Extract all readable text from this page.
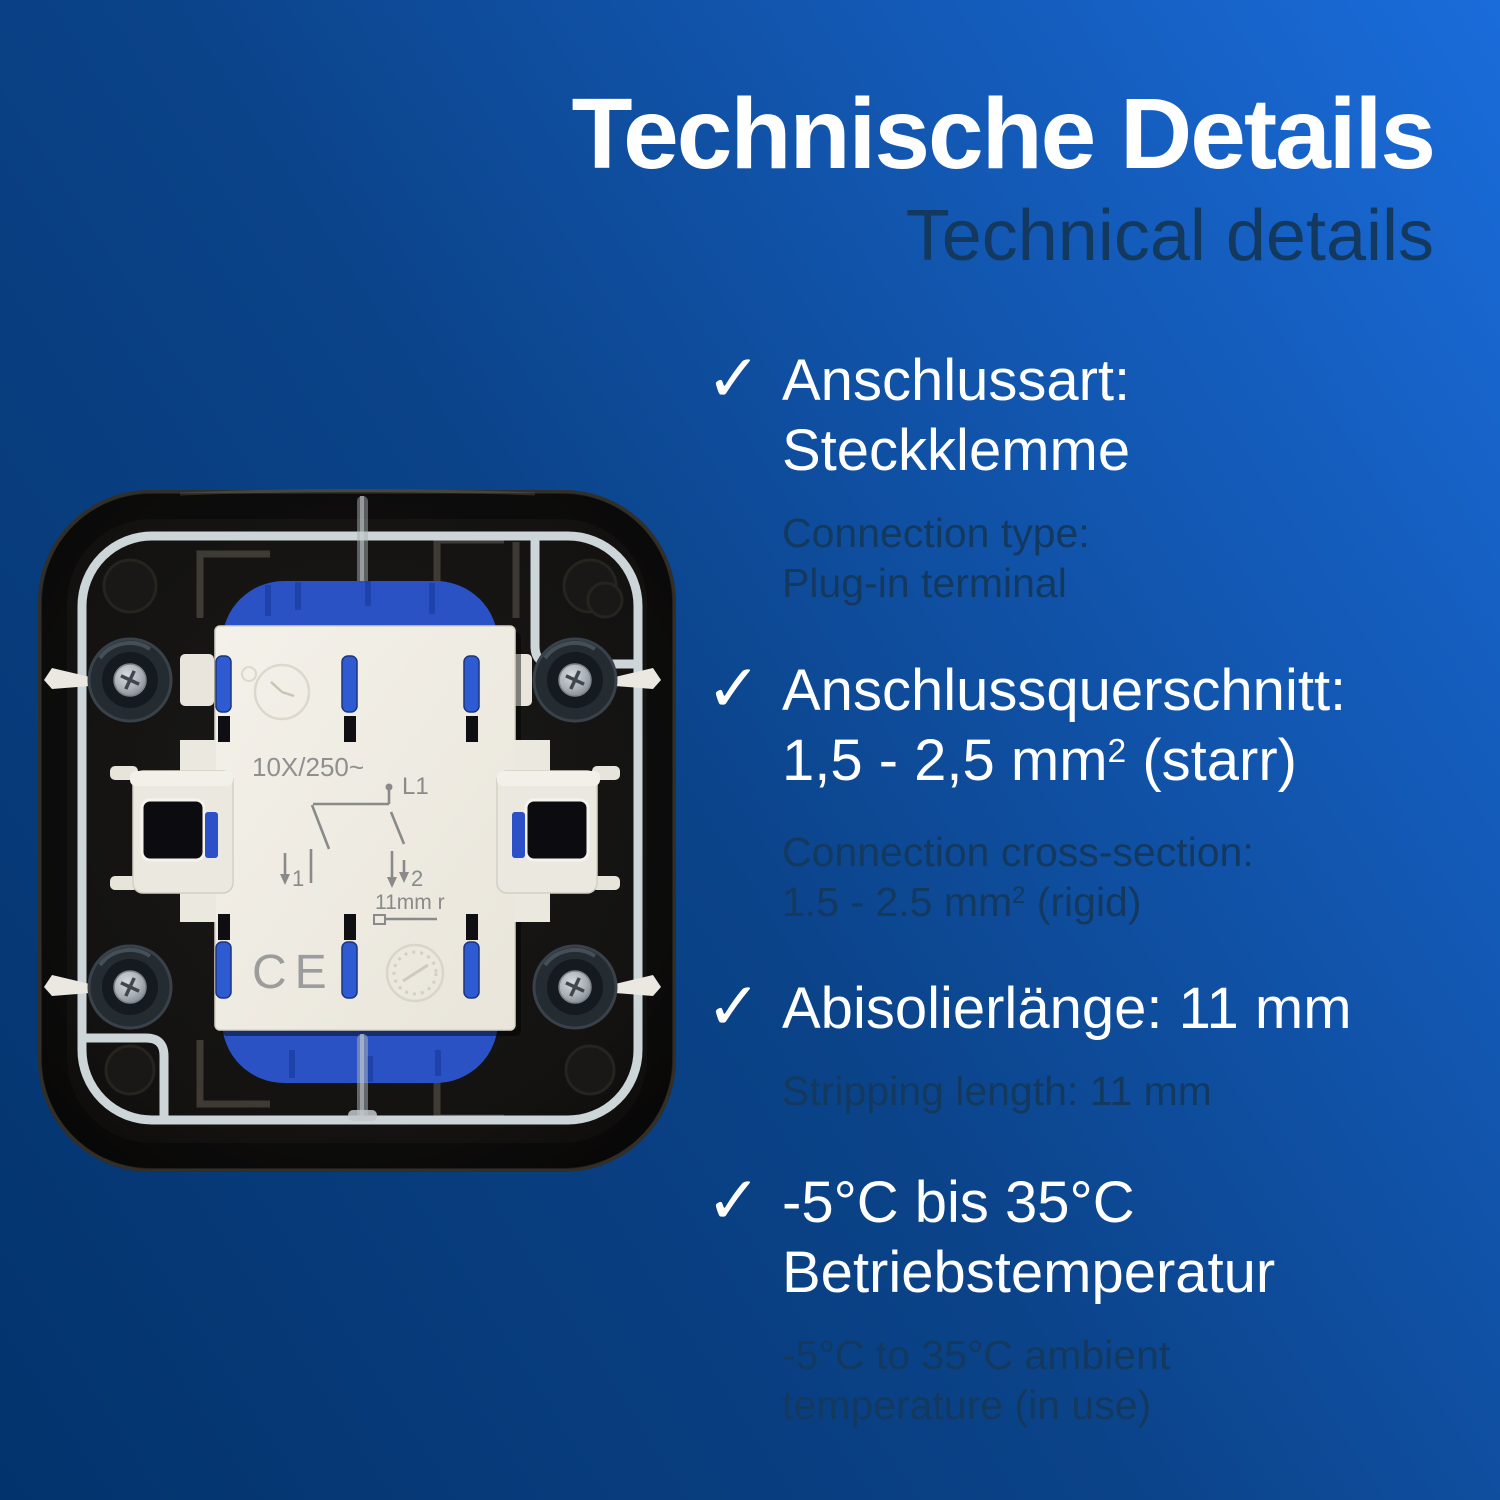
Technische Details
Technical details
10X/250~
L1
1	2
11mm r
CE
✓ Anschlussart:
Steckklemme
Connection type:
Plug-in terminal
✓ Anschlussquerschnitt:
1,5 - 2,5 $mm^2$ (starr)
Connection cross-section:
1.5 - 2.5 $mm^2$ (rigid)
✓ Abisolierlänge: 11 mm
Stripping length: 11 mm
✓ -5°C bis 35°C
Betriebstemperatur
-5°C to 35°C ambient
temperature (in use)
